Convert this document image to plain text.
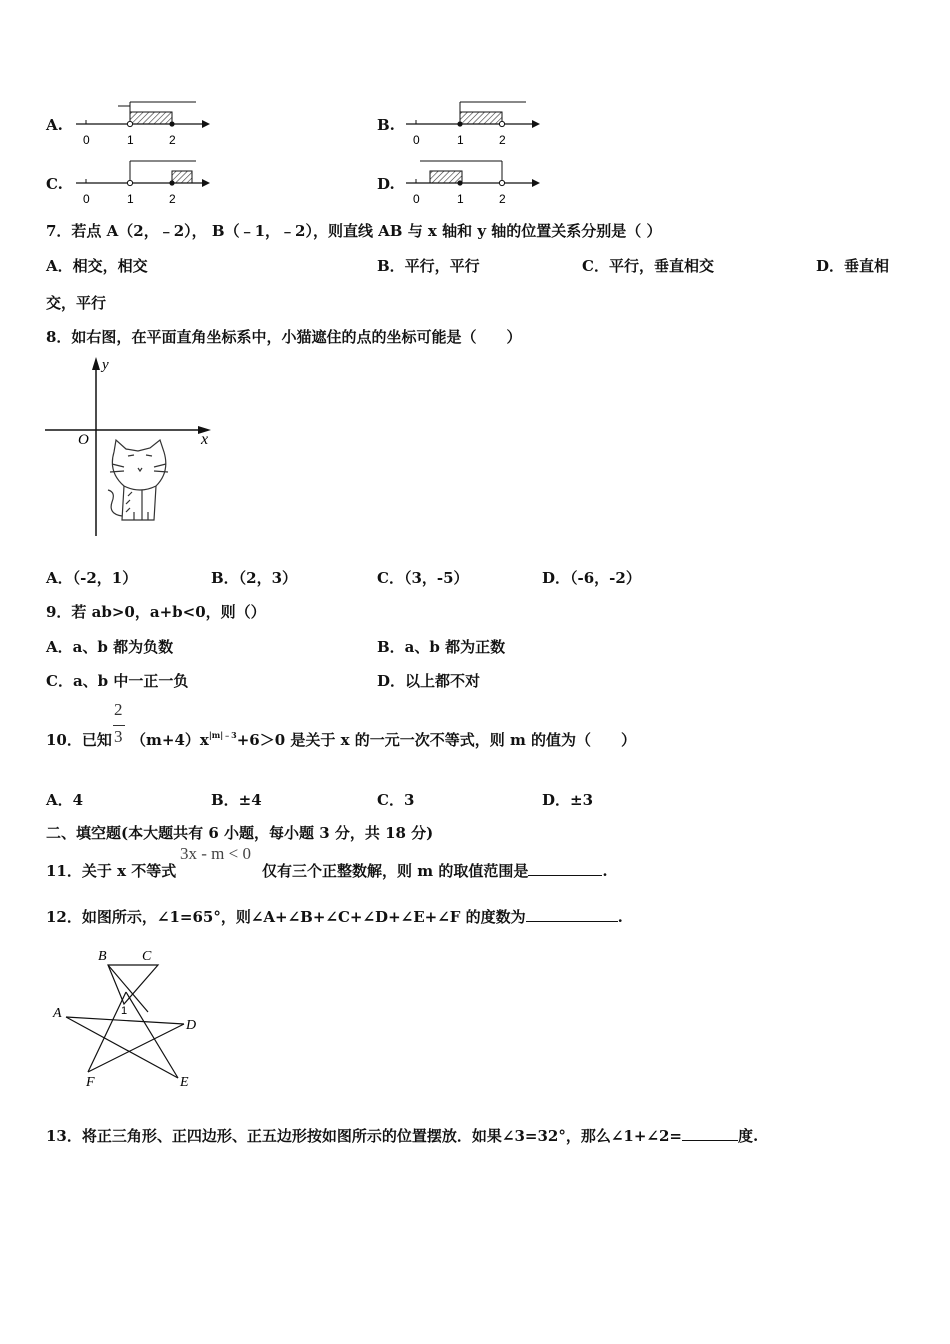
A.
0	1	2
B.
0	1	2
C.
0	1	2
D.
0	1	2
7．若点 A（2，﹣2）， B（﹣1，﹣2），则直线 AB 与 x 轴和 y 轴的位置关系分别是（ ）
A．相交，相交	B．平行，平行	C．平行，垂直相交	D．垂直相
交，平行
8．如右图，在平面直角坐标系中，小猫遮住的点的坐标可能是（　　）
y
x
O
A．（-2，1）	B．（2，3）	C．（3，-5）	D．（-6，-2）
9．若 ab>0，a+b<0，则（）
A．a、b 都为负数	B．a、b 都为正数
C．a、b 中一正一负	D．以上都不对
10．已知
2
3 $(m+4)x^{|m|﹣3}+6>0$ 是关于 x 的一元一次不等式，则 m 的值为（　　）
A．4	B．±4	C．3	D．±3
二、填空题(本大题共有 6 小题，每小题 3 分，共 18 分)
11．关于 x 不等式
3x - m < 0
仅有三个正整数解，则 m 的取值范围是	.
12．如图所示，∠1=65°，则∠A+∠B+∠C+∠D+∠E+∠F 的度数为	.
B	C
A
D
F	E
1
13．将正三角形、正四边形、正五边形按如图所示的位置摆放．如果∠3=32°，那么∠1+∠2=	度.
